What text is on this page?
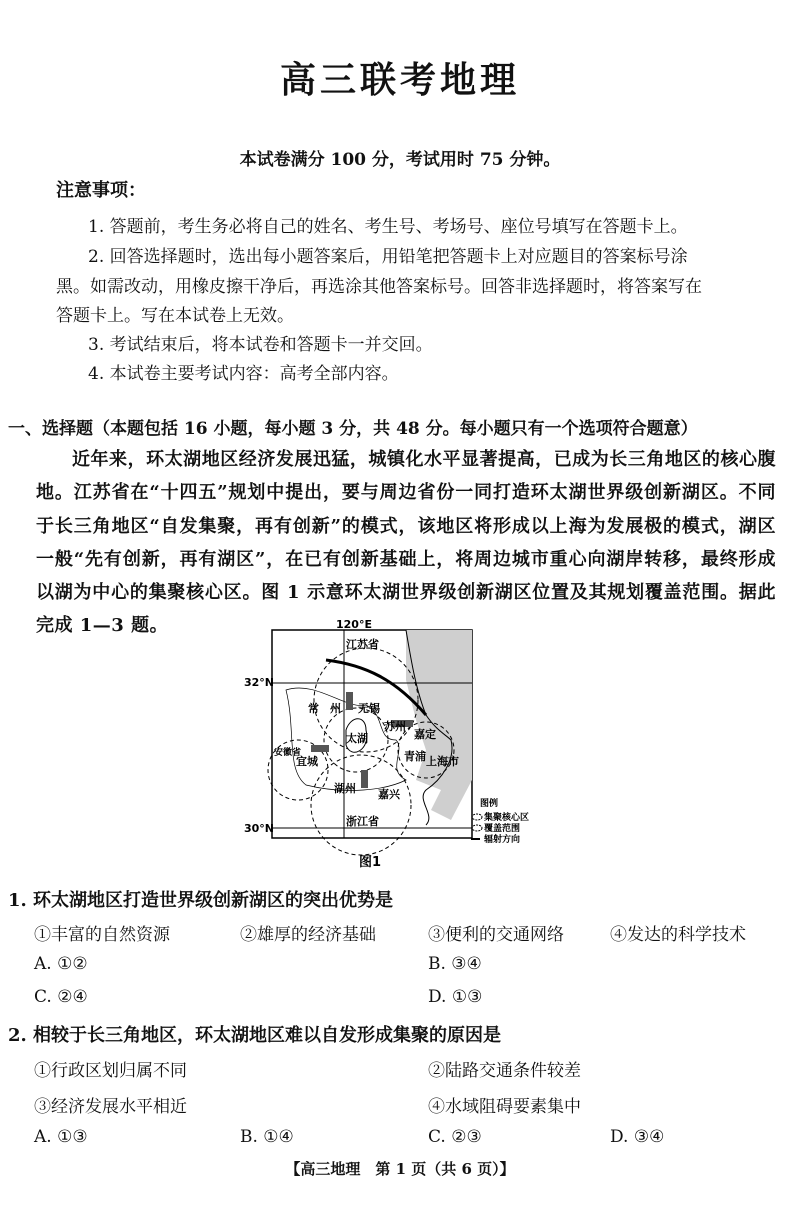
高三联考地理
本试卷满分 100 分，考试用时 75 分钟。
注意事项：
1. 答题前，考生务必将自己的姓名、考生号、考场号、座位号填写在答题卡上。
2. 回答选择题时，选出每小题答案后，用铅笔把答题卡上对应题目的答案标号涂
黑。如需改动，用橡皮擦干净后，再选涂其他答案标号。回答非选择题时，将答案写在
答题卡上。写在本试卷上无效。
3. 考试结束后，将本试卷和答题卡一并交回。
4. 本试卷主要考试内容：高考全部内容。
一、选择题（本题包括 16 小题，每小题 3 分，共 48 分。每小题只有一个选项符合题意）
近年来，环太湖地区经济发展迅猛，城镇化水平显著提高，已成为长三角地区的核心腹地。江苏省在“十四五”规划中提出，要与周边省份一同打造环太湖世界级创新湖区。不同于长三角地区“自发集聚，再有创新”的模式，该地区将形成以上海为发展极的模式，湖区一般“先有创新，再有湖区”，在已有创新基础上，将周边城市重心向湖岸转移，最终形成以湖为中心的集聚核心区。图 1 示意环太湖世界级创新湖区位置及其规划覆盖范围。据此完成 1—3 题。	120°E
32°N
30°N
江苏省
常　州 无锡
苏州
嘉定
太湖
安徽省
宜城	青浦 上海市
湖州 嘉兴
浙江省
图例
集聚核心区
覆盖范围
辐射方向
图1
1. 环太湖地区打造世界级创新湖区的突出优势是
①丰富的自然资源	②雄厚的经济基础	③便利的交通网络	④发达的科学技术
A. ①②	B. ③④
C. ②④	D. ①③
2. 相较于长三角地区，环太湖地区难以自发形成集聚的原因是
①行政区划归属不同	②陆路交通条件较差
③经济发展水平相近	④水域阻碍要素集中
A. ①③	B. ①④	C. ②③	D. ③④
【高三地理　第 1 页（共 6 页）】
